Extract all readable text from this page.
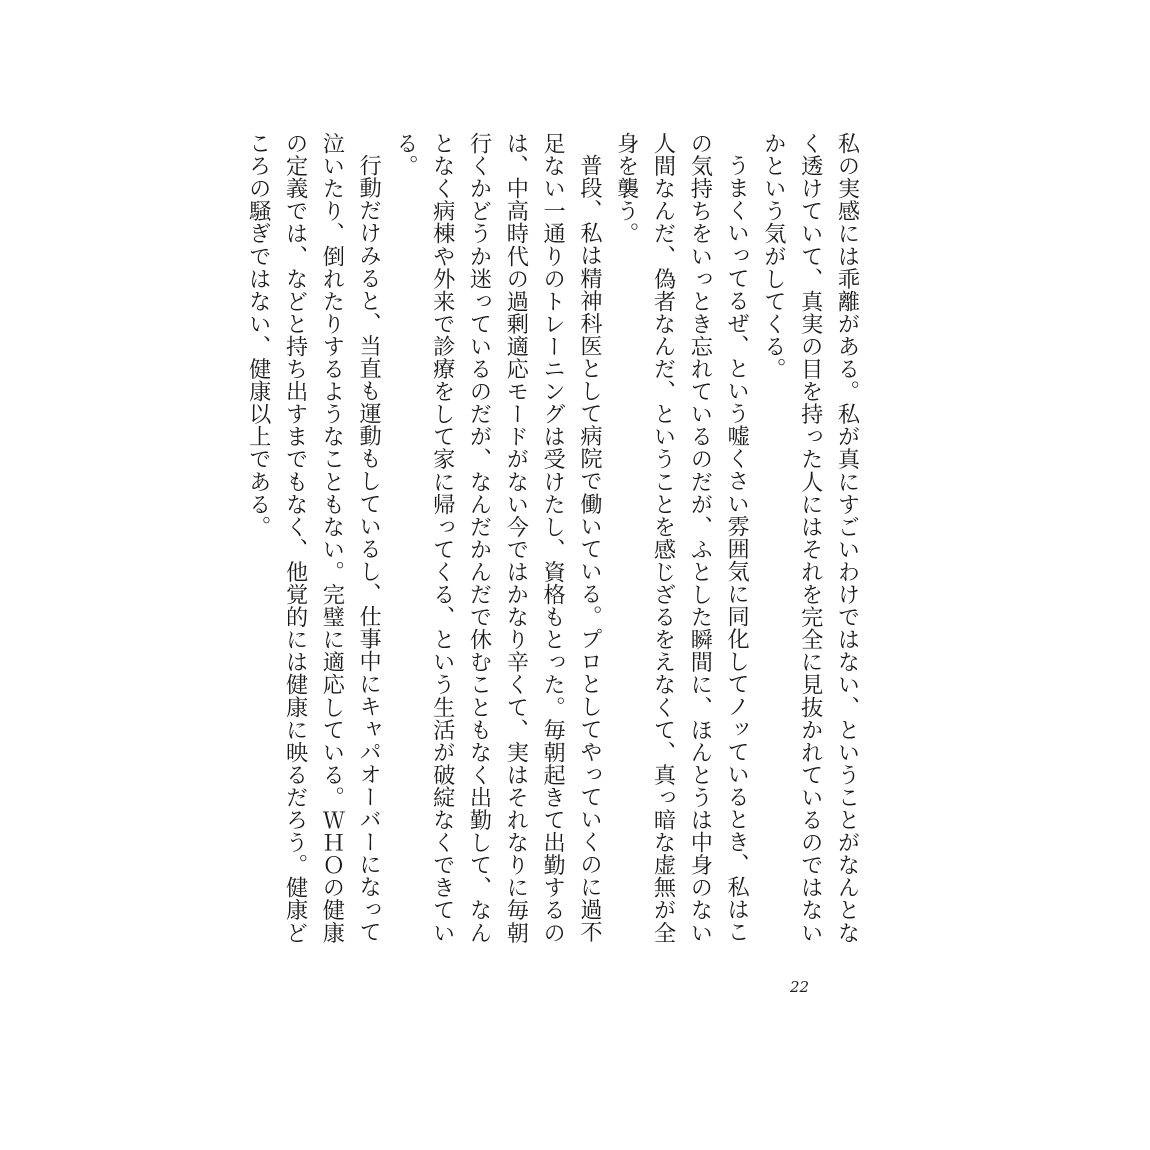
私の実感には乖離がある。私が真にすごいわけではない、ということがなんとなく透けていて、真実の目を持った人にはそれを完全に見抜かれているのではないかという気がしてくる。

うまくいってるぜ、という嘘くさい雰囲気に同化してノッているとき、私はこの気持ちをいっとき忘れているのだが、ふとした瞬間に、ほんとうは中身のない人間なんだ、偽者なんだ、ということを感じざるをえなくて、真っ暗な虚無が全身を襲う。

普段、私は精神科医として病院で働いている。プロとしてやっていくのに過不足ない一通りのトレーニングは受けたし、資格もとった。毎朝起きて出勤するのは、中高時代の過剰適応モードがない今ではかなり辛くて、実はそれなりに毎朝行くかどうか迷っているのだが、なんだかんだで休むこともなく出勤して、なんとなく病棟や外来で診療をして家に帰ってくる、という生活が破綻なくできている。

行動だけみると、当直も運動もしているし、仕事中にキャパオーバーになって泣いたり、倒れたりするようなこともない。完璧に適応している。ＷＨＯの健康の定義では、などと持ち出すまでもなく、他覚的には健康に映るだろう。健康どころの騒ぎではない、健康以上である。

22
